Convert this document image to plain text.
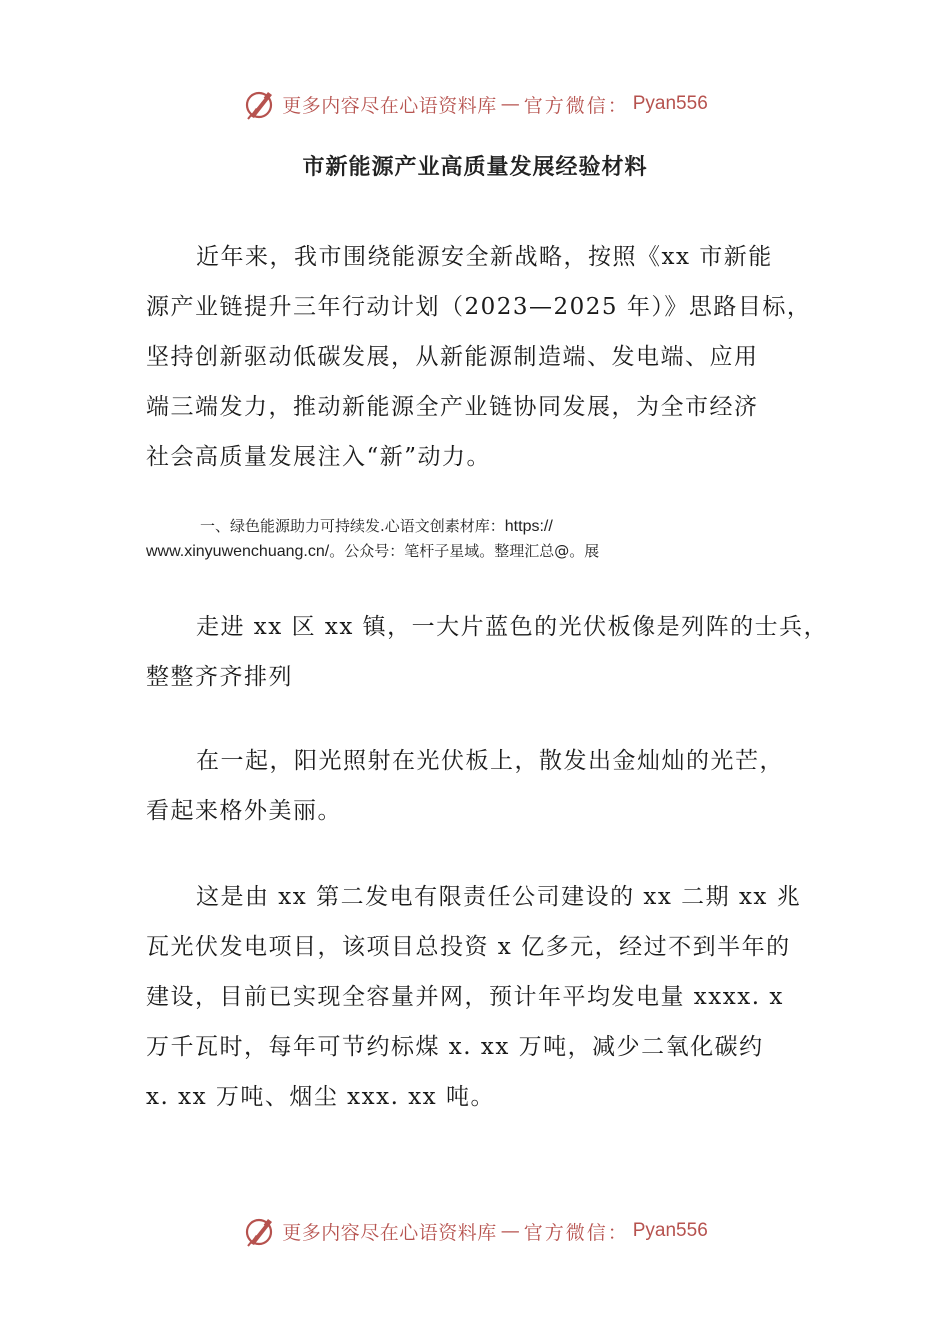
更多内容尽在心语资料库 — 官方微信： Pyan556
市新能源产业高质量发展经验材料

近年来，我市围绕能源安全新战略，按照《xx 市新能
源产业链提升三年行动计划（2023—2025 年）》思路目标，
坚持创新驱动低碳发展，从新能源制造端、发电端、应用
端三端发力，推动新能源全产业链协同发展，为全市经济
社会高质量发展注入“新”动力。

一、绿色能源助力可持续发.心语文创素材库：https://
www.xinyuwenchuang.cn/。公众号：笔杆子星域。整理汇总@。展

走进 xx 区 xx 镇，一大片蓝色的光伏板像是列阵的士兵，
整整齐齐排列

在一起，阳光照射在光伏板上，散发出金灿灿的光芒，
看起来格外美丽。

这是由 xx 第二发电有限责任公司建设的 xx 二期 xx 兆
瓦光伏发电项目，该项目总投资 x 亿多元，经过不到半年的
建设，目前已实现全容量并网，预计年平均发电量 xxxx. x
万千瓦时，每年可节约标煤 x. xx 万吨，减少二氧化碳约
x. xx 万吨、烟尘 xxx. xx 吨。

更多内容尽在心语资料库 — 官方微信： Pyan556
